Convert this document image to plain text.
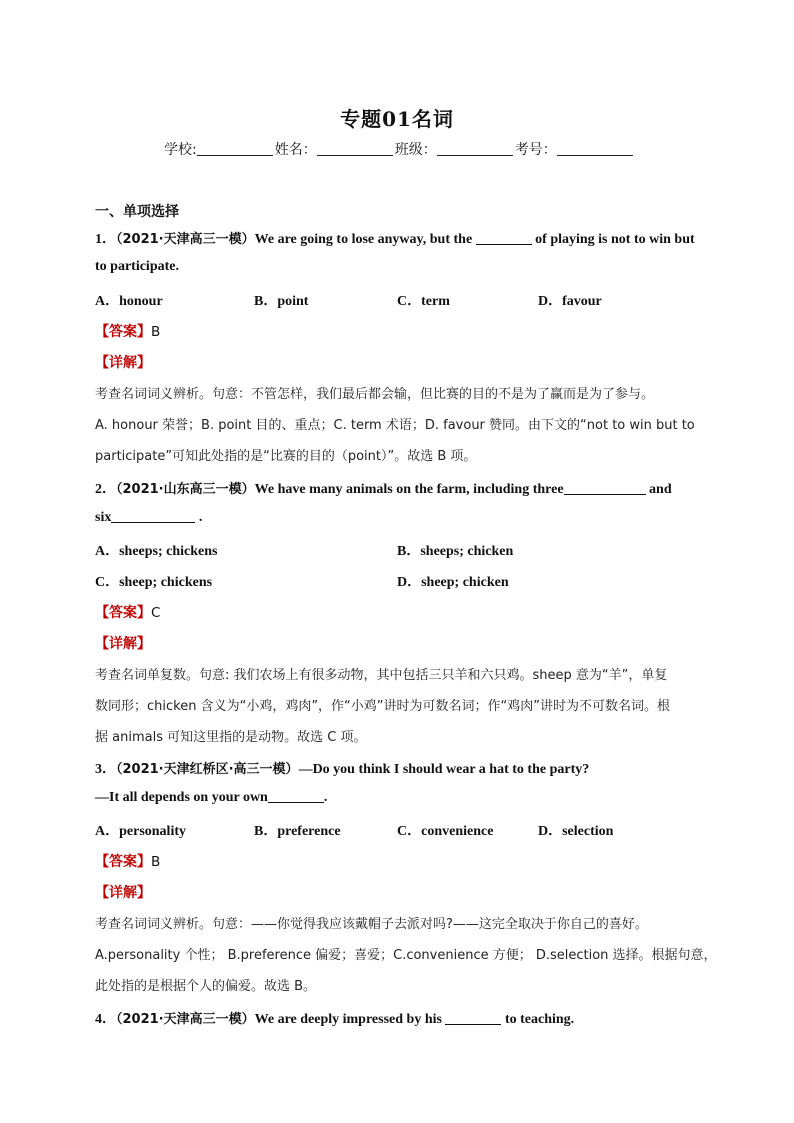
专题01名词
学校:	姓名：	班级：	考号：
一、单项选择
1．（2021·天津高三一模）We are going to lose anyway, but the	of playing is not to win but
to participate.
A．honour	B．point	C．term	D．favour
【答案】B
【详解】
考查名词词义辨析。句意：不管怎样，我们最后都会输，但比赛的目的不是为了赢而是为了参与。
A. honour 荣誉；B. point 目的、重点；C. term 术语；D. favour 赞同。由下文的“not to win but to
participate”可知此处指的是“比赛的目的（point）”。故选 B 项。
2．（2021·山东高三一模）We have many animals on the farm, including three	and
six	.
A．sheeps; chickens	B．sheeps; chicken
C．sheep; chickens	D．sheep; chicken
【答案】C
【详解】
考查名词单复数。句意: 我们农场上有很多动物，其中包括三只羊和六只鸡。sheep 意为“羊”，单复
数同形；chicken 含义为“小鸡，鸡肉”，作“小鸡”讲时为可数名词；作“鸡肉”讲时为不可数名词。根
据 animals 可知这里指的是动物。故选 C 项。
3．（2021·天津红桥区·高三一模）—Do you think I should wear a hat to the party?
—It all depends on your own	.
A．personality	B．preference	C．convenience	D．selection
【答案】B
【详解】
考查名词词义辨析。句意：——你觉得我应该戴帽子去派对吗?——这完全取决于你自己的喜好。
A.personality 个性； B.preference 偏爱；喜爱；C.convenience 方便； D.selection 选择。根据句意，
此处指的是根据个人的偏爱。故选 B。
4．（2021·天津高三一模）We are deeply impressed by his	to teaching.
